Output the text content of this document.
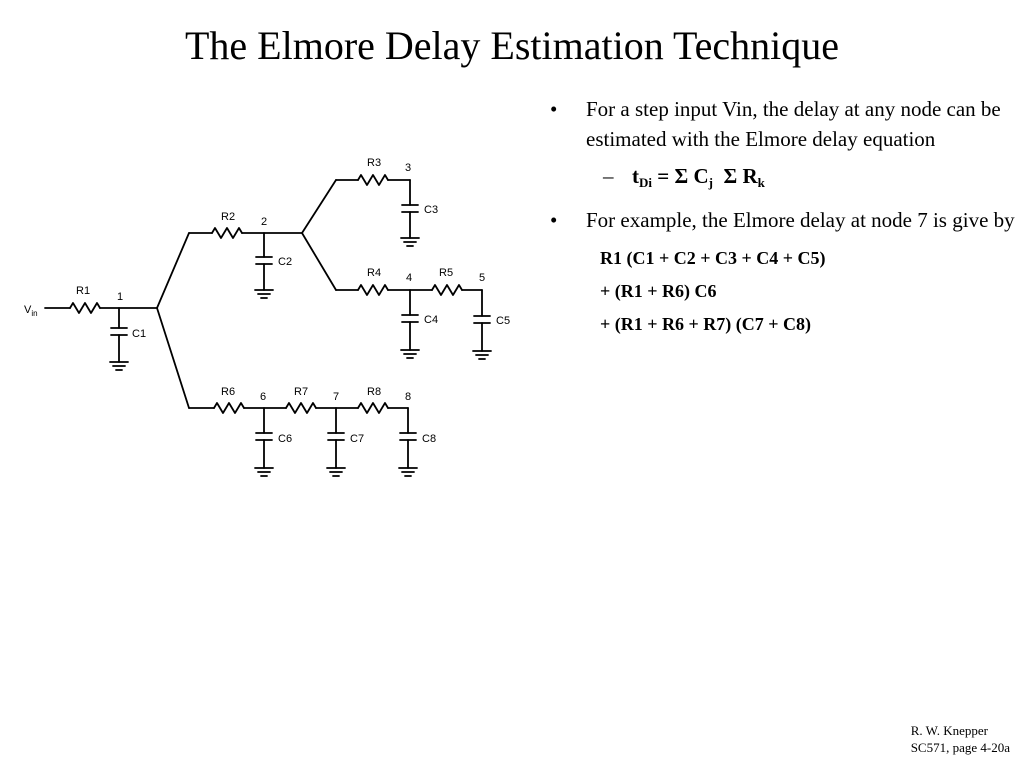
The Elmore Delay Estimation Technique
$V_{in}$
R1 1
C1
R2 2
C2
R3 3
C3
R4 4
C4
R5 5
C5
R6 6
C6
R7 7
C7
R8 8
C8
• For a step input Vin, the delay at any node can be estimated with the Elmore delay equation
– $t_{Di} = \Sigma$ $C_j$  Σ $R_k$
• For example, the Elmore delay at node 7 is give by
R1 (C1 + C2 + C3 + C4 + C5)
+ (R1 + R6) C6
+ (R1 + R6 + R7) (C7 + C8)
R. W. Knepper
SC571, page 4-20a
